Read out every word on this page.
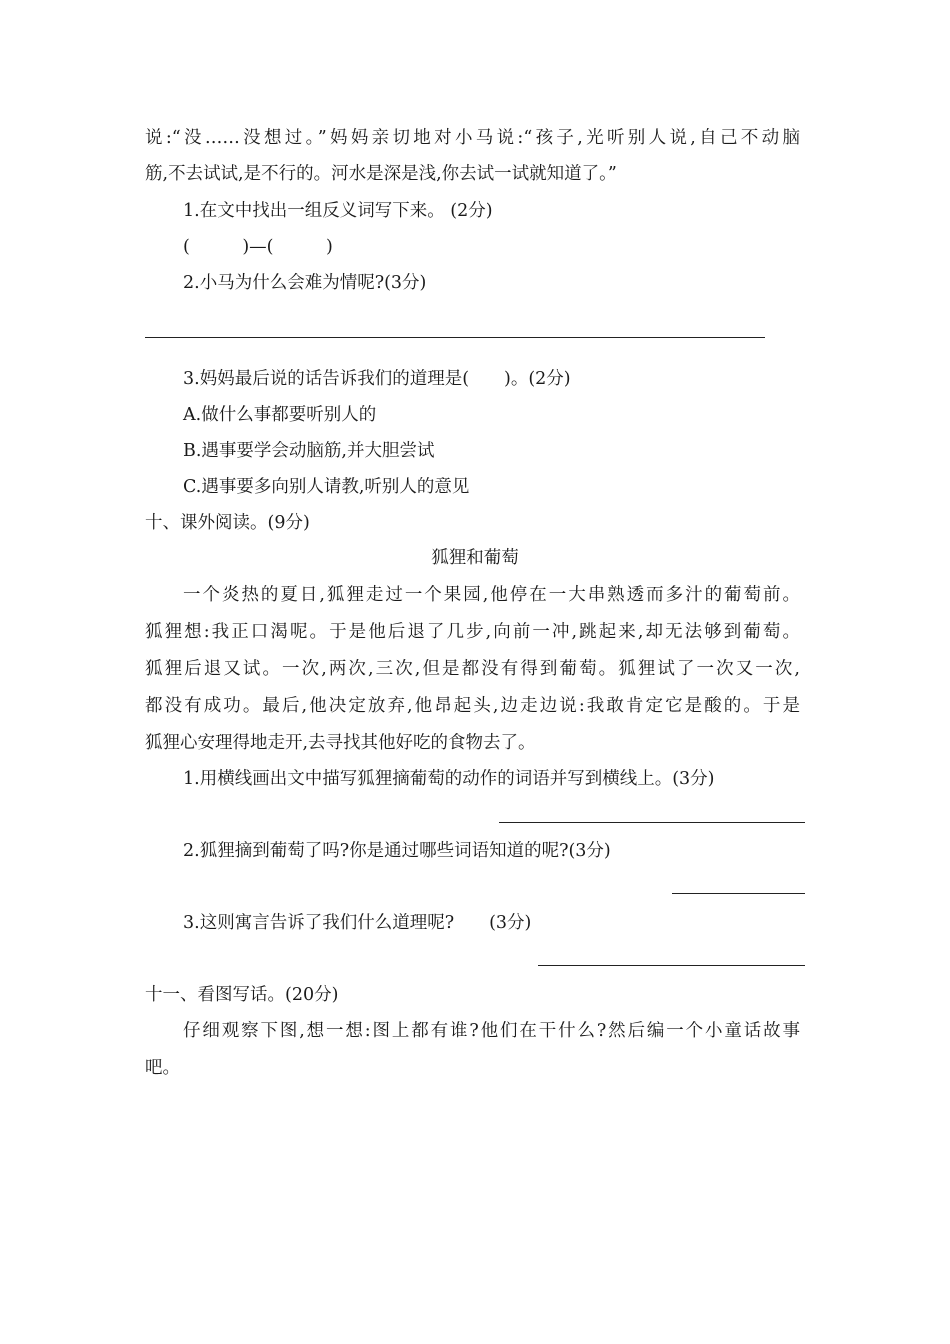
说:“没……没想过。”妈妈亲切地对小马说:“孩子,光听别人说,自己不动脑
筋,不去试试,是不行的。河水是深是浅,你去试一试就知道了。”
1.在文中找出一组反义词写下来。 (2分)
(　　　)—(　　　)
2.小马为什么会难为情呢?(3分)
3.妈妈最后说的话告诉我们的道理是(　　)。(2分)
A.做什么事都要听别人的
B.遇事要学会动脑筋,并大胆尝试
C.遇事要多向别人请教,听别人的意见
十、课外阅读。(9分)
狐狸和葡萄
一个炎热的夏日,狐狸走过一个果园,他停在一大串熟透而多汁的葡萄前。
狐狸想:我正口渴呢。于是他后退了几步,向前一冲,跳起来,却无法够到葡萄。
狐狸后退又试。一次,两次,三次,但是都没有得到葡萄。狐狸试了一次又一次,
都没有成功。最后,他决定放弃,他昂起头,边走边说:我敢肯定它是酸的。于是
狐狸心安理得地走开,去寻找其他好吃的食物去了。
1.用横线画出文中描写狐狸摘葡萄的动作的词语并写到横线上。(3分)
2.狐狸摘到葡萄了吗?你是通过哪些词语知道的呢?(3分)
3.这则寓言告诉了我们什么道理呢?　　(3分)
十一、看图写话。(20分)
仔细观察下图,想一想:图上都有谁?他们在干什么?然后编一个小童话故事
吧。
